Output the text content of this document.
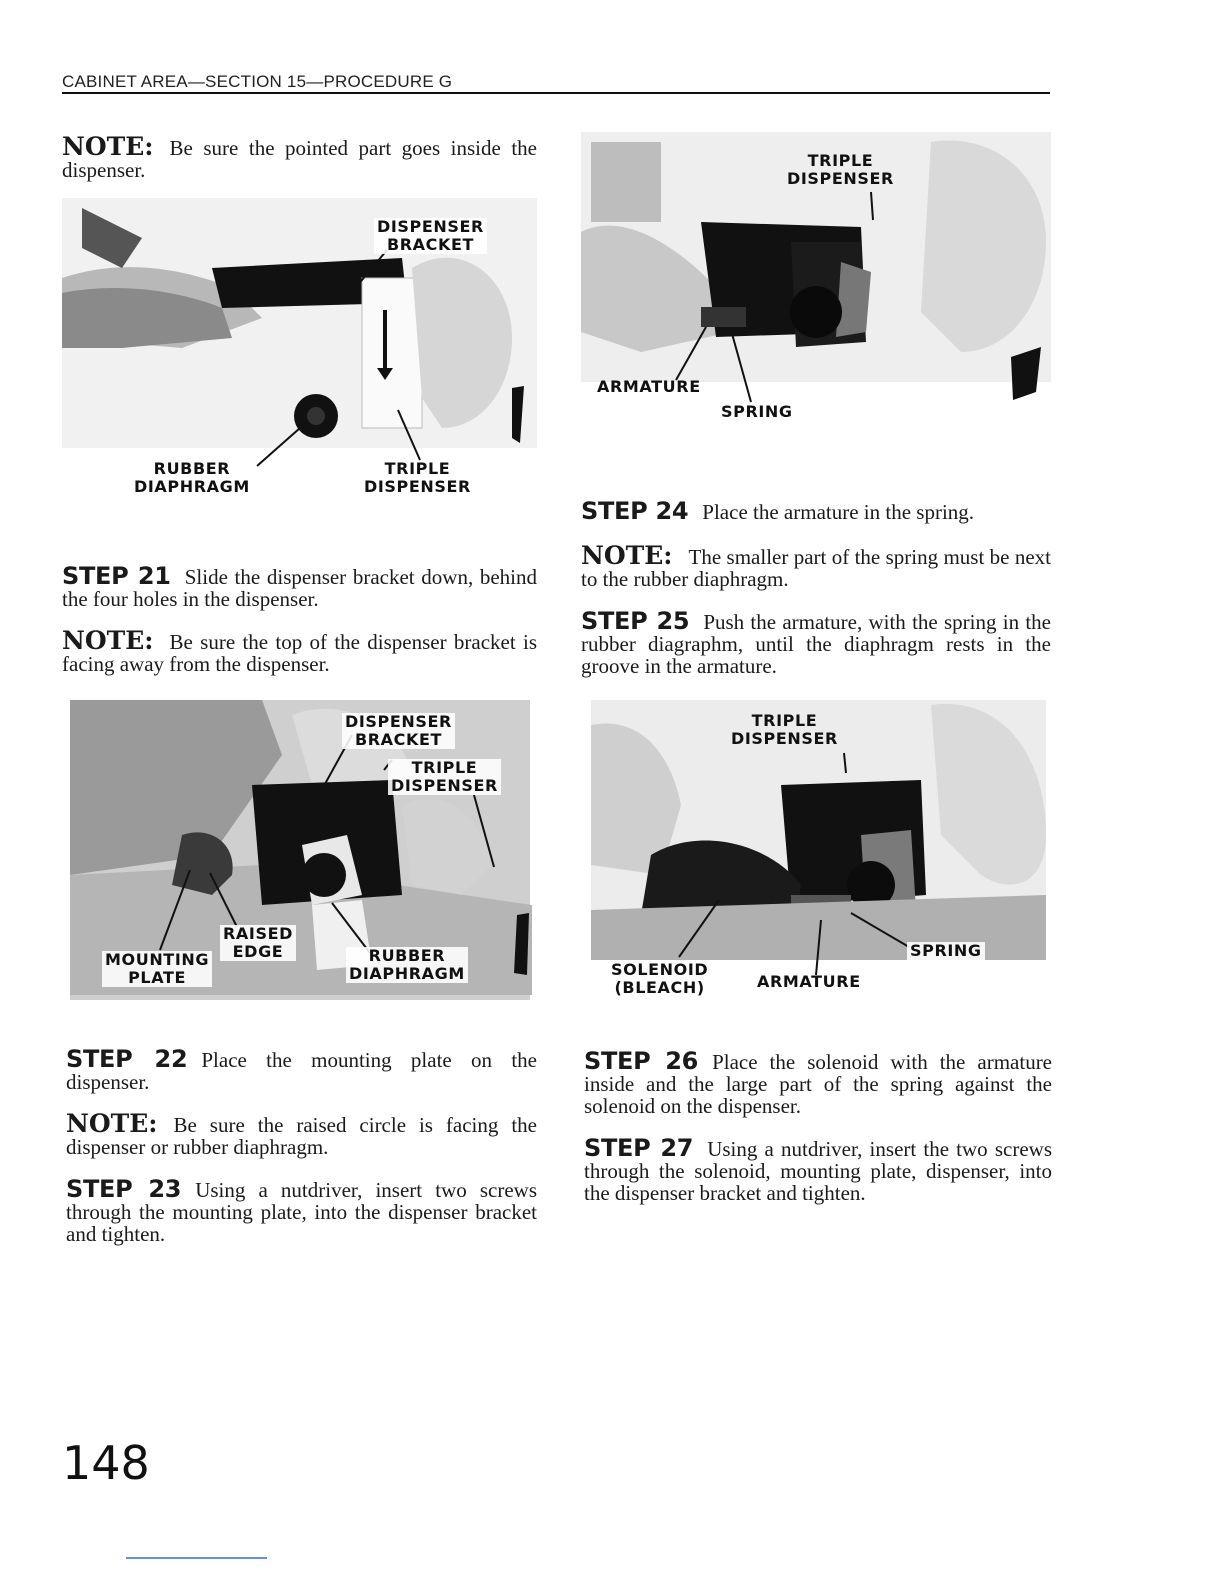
CABINET AREA—SECTION 15—PROCEDURE G

NOTE: Be sure the pointed part goes inside the dispenser.

DISPENSER
BRACKET
RUBBER
DIAPHRAGM
TRIPLE
DISPENSER

STEP 21 Slide the dispenser bracket down, behind the four holes in the dispenser.

NOTE: Be sure the top of the dispenser bracket is facing away from the dispenser.

DISPENSER
BRACKET
TRIPLE
DISPENSER
RAISED
EDGE
MOUNTING
PLATE
RUBBER
DIAPHRAGM

STEP 22 Place the mounting plate on the dispenser.

NOTE: Be sure the raised circle is facing the dispenser or rubber diaphragm.

STEP 23 Using a nutdriver, insert two screws through the mounting plate, into the dispenser bracket and tighten.

TRIPLE
DISPENSER
ARMATURE
SPRING

STEP 24 Place the armature in the spring.

NOTE: The smaller part of the spring must be next to the rubber diaphragm.

STEP 25 Push the armature, with the spring in the rubber diagraphm, until the diaphragm rests in the groove in the armature.

TRIPLE
DISPENSER
SPRING
SOLENOID
(BLEACH)	ARMATURE

STEP 26 Place the solenoid with the armature inside and the large part of the spring against the solenoid on the dispenser.

STEP 27 Using a nutdriver, insert the two screws through the solenoid, mounting plate, dispenser, into the dispenser bracket and tighten.

148
